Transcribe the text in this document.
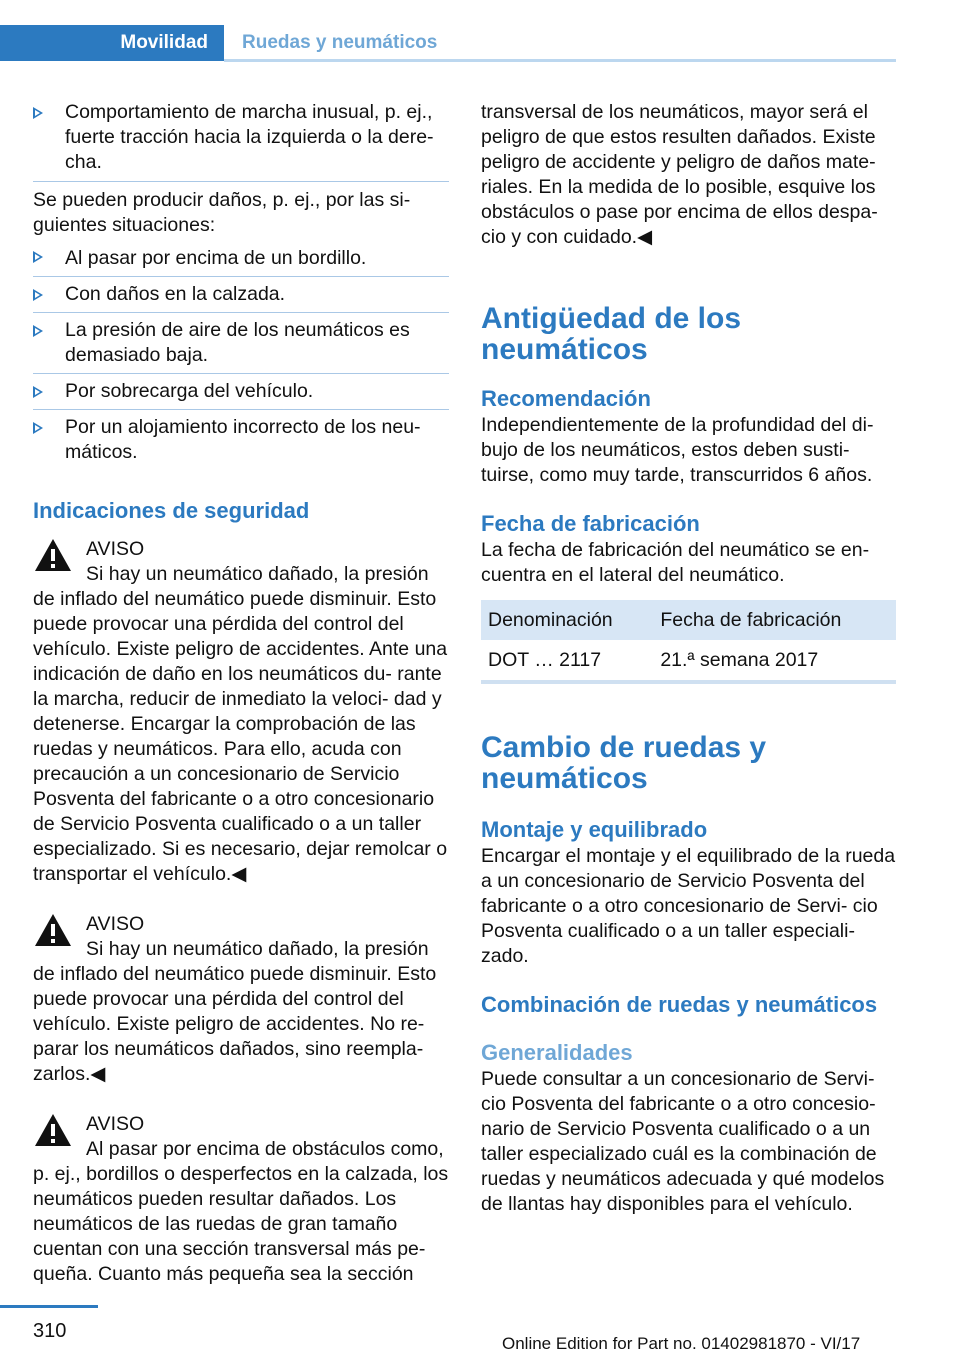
Movilidad	Ruedas y neumáticos

Comportamiento de marcha inusual, p. ej., fuerte tracción hacia la izquierda o la dere‐ cha.

Se pueden producir daños, p. ej., por las si‐ guientes situaciones:

Al pasar por encima de un bordillo.

Con daños en la calzada.

La presión de aire de los neumáticos es demasiado baja.

Por sobrecarga del vehículo.

Por un alojamiento incorrecto de los neu‐ máticos.

Indicaciones de seguridad
AVISO
Si hay un neumático dañado, la presión

de inflado del neumático puede disminuir. Esto puede provocar una pérdida del control del vehículo. Existe peligro de accidentes. Ante una indicación de daño en los neumáticos du‐ rante la marcha, reducir de inmediato la veloci‐ dad y detenerse. Encargar la comprobación de las ruedas y neumáticos. Para ello, acuda con precaución a un concesionario de Servicio Posventa del fabricante o a otro concesionario de Servicio Posventa cualificado o a un taller especializado. Si es necesario, dejar remolcar o transportar el vehículo.◀

AVISO
Si hay un neumático dañado, la presión

de inflado del neumático puede disminuir. Esto puede provocar una pérdida del control del vehículo. Existe peligro de accidentes. No re‐ parar los neumáticos dañados, sino reempla‐ zarlos.◀

AVISO
Al pasar por encima de obstáculos como,

p. ej., bordillos o desperfectos en la calzada, los neumáticos pueden resultar dañados. Los neumáticos de las ruedas de gran tamaño cuentan con una sección transversal más pe‐ queña. Cuanto más pequeña sea la sección

transversal de los neumáticos, mayor será el peligro de que estos resulten dañados. Existe peligro de accidente y peligro de daños mate‐ riales. En la medida de lo posible, esquive los obstáculos o pase por encima de ellos despa‐ cio y con cuidado.◀

Antigüedad de los neumáticos
Recomendación

Independientemente de la profundidad del di‐ bujo de los neumáticos, estos deben susti‐ tuirse, como muy tarde, transcurridos 6 años.

Fecha de fabricación

La fecha de fabricación del neumático se en‐ cuentra en el lateral del neumático.

Denominación	Fecha de fabricación
DOT … 2117	21.ª semana 2017
Cambio de ruedas y neumáticos
Montaje y equilibrado

Encargar el montaje y el equilibrado de la rueda a un concesionario de Servicio Posventa del fabricante o a otro concesionario de Servi‐ cio Posventa cualificado o a un taller especiali‐ zado.

Combinación de ruedas y neumáticos
Generalidades

Puede consultar a un concesionario de Servi‐ cio Posventa del fabricante o a otro concesio‐ nario de Servicio Posventa cualificado o a un taller especializado cuál es la combinación de ruedas y neumáticos adecuada y qué modelos de llantas hay disponibles para el vehículo.

310
Online Edition for Part no. 01402981870 - VI/17
